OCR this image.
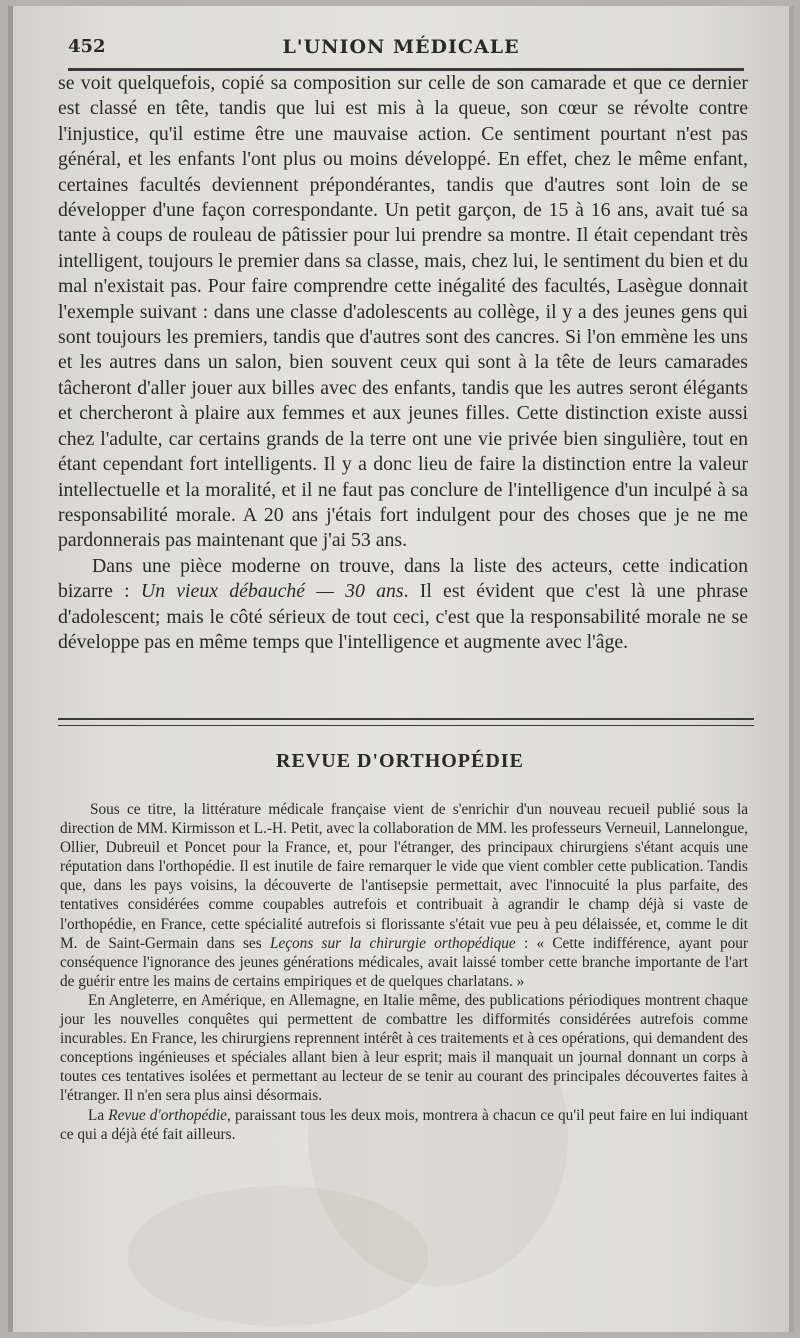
452	L'UNION MÉDICALE

se voit quelquefois, copié sa composition sur celle de son camarade et que ce dernier est classé en tête, tandis que lui est mis à la queue, son cœur se révolte contre l'injustice, qu'il estime être une mauvaise action. Ce sentiment pourtant n'est pas général, et les enfants l'ont plus ou moins développé. En effet, chez le même enfant, certaines facultés deviennent prépondérantes, tandis que d'autres sont loin de se développer d'une façon correspondante. Un petit garçon, de 15 à 16 ans, avait tué sa tante à coups de rouleau de pâtissier pour lui prendre sa montre. Il était cependant très intelligent, toujours le premier dans sa classe, mais, chez lui, le sentiment du bien et du mal n'existait pas. Pour faire comprendre cette inégalité des facultés, Lasègue donnait l'exemple suivant : dans une classe d'adolescents au collège, il y a des jeunes gens qui sont toujours les premiers, tandis que d'autres sont des cancres. Si l'on emmène les uns et les autres dans un salon, bien souvent ceux qui sont à la tête de leurs camarades tâcheront d'aller jouer aux billes avec des enfants, tandis que les autres seront élégants et chercheront à plaire aux femmes et aux jeunes filles. Cette distinction existe aussi chez l'adulte, car certains grands de la terre ont une vie privée bien singulière, tout en étant cependant fort intelligents. Il y a donc lieu de faire la distinction entre la valeur intellectuelle et la moralité, et il ne faut pas conclure de l'intelligence d'un inculpé à sa responsabilité morale. A 20 ans j'étais fort indulgent pour des choses que je ne me pardonnerais pas maintenant que j'ai 53 ans.

Dans une pièce moderne on trouve, dans la liste des acteurs, cette indication bizarre : Un vieux débauché — 30 ans. Il est évident que c'est là une phrase d'adolescent; mais le côté sérieux de tout ceci, c'est que la responsabilité morale ne se développe pas en même temps que l'intelligence et augmente avec l'âge.

REVUE D'ORTHOPÉDIE

Sous ce titre, la littérature médicale française vient de s'enrichir d'un nouveau recueil publié sous la direction de MM. Kirmisson et L.-H. Petit, avec la collaboration de MM. les professeurs Verneuil, Lannelongue, Ollier, Dubreuil et Poncet pour la France, et, pour l'étranger, des principaux chirurgiens s'étant acquis une réputation dans l'orthopédie. Il est inutile de faire remarquer le vide que vient combler cette publication. Tandis que, dans les pays voisins, la découverte de l'antisepsie permettait, avec l'innocuité la plus parfaite, des tentatives considérées comme coupables autrefois et contribuait à agrandir le champ déjà si vaste de l'orthopédie, en France, cette spécialité autrefois si florissante s'était vue peu à peu délaissée, et, comme le dit M. de Saint-Germain dans ses Leçons sur la chirurgie orthopédique : « Cette indifférence, ayant pour conséquence l'ignorance des jeunes générations médicales, avait laissé tomber cette branche importante de l'art de guérir entre les mains de certains empiriques et de quelques charlatans. »

En Angleterre, en Amérique, en Allemagne, en Italie même, des publications périodiques montrent chaque jour les nouvelles conquêtes qui permettent de combattre les difformités considérées autrefois comme incurables. En France, les chirurgiens reprennent intérêt à ces traitements et à ces opérations, qui demandent des conceptions ingénieuses et spéciales allant bien à leur esprit; mais il manquait un journal donnant un corps à toutes ces tentatives isolées et permettant au lecteur de se tenir au courant des principales découvertes faites à l'étranger. Il n'en sera plus ainsi désormais.

La Revue d'orthopédie, paraissant tous les deux mois, montrera à chacun ce qu'il peut faire en lui indiquant ce qui a déjà été fait ailleurs.
